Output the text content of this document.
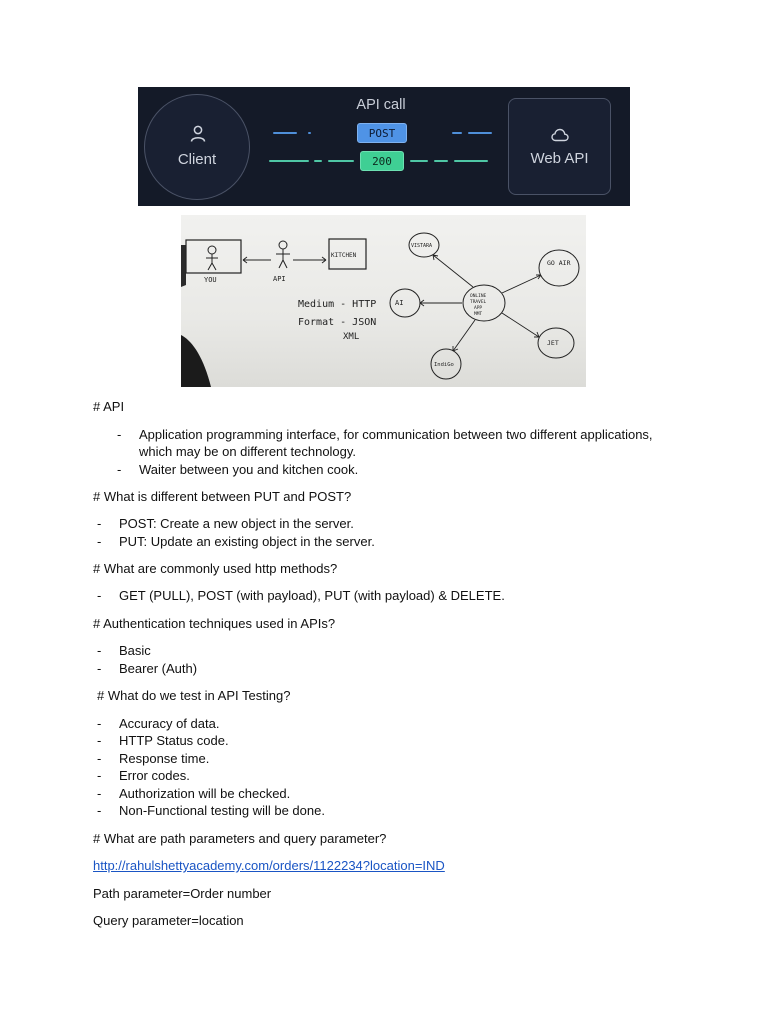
Client
API call
POST
200	Web API
YOU	API
KITCHEN
VISTARA
GO AIR
AI
ONLINE
TRAVEL
APP
MMT
JET
IndiGo
Medium - HTTP
Format - JSON
XML
# API
- Application programming interface, for communication between two different applications,
which may be on different technology.
- Waiter between you and kitchen cook.
# What is different between PUT and POST?
- POST: Create a new object in the server.
- PUT: Update an existing object in the server.
# What are commonly used http methods?
- GET (PULL), POST (with payload), PUT (with payload) & DELETE.
# Authentication techniques used in APIs?
- Basic
- Bearer (Auth)
# What do we test in API Testing?
- Accuracy of data.
- HTTP Status code.
- Response time.
- Error codes.
- Authorization will be checked.
- Non-Functional testing will be done.
# What are path parameters and query parameter?
http://rahulshettyacademy.com/orders/1122234?location=IND
Path parameter=Order number
Query parameter=location
